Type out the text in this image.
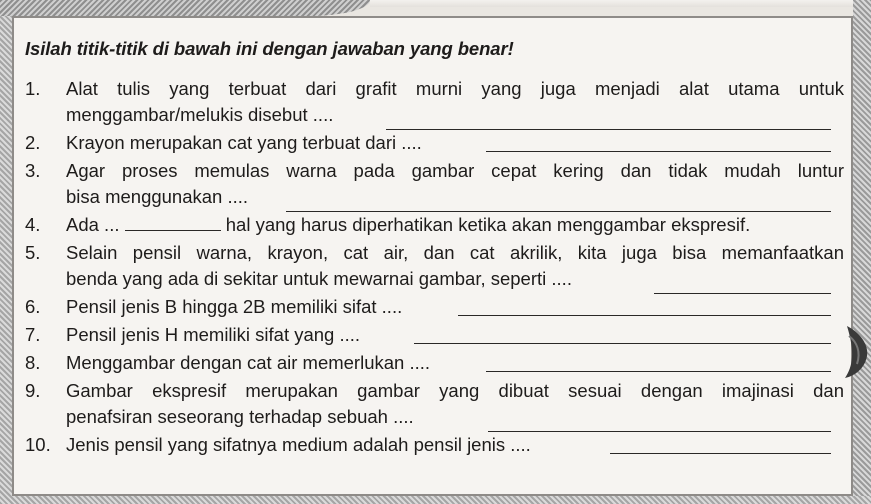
Isilah titik-titik di bawah ini dengan jawaban yang benar!
1. Alat tulis yang terbuat dari grafit murni yang juga menjadi alat utama untuk
menggambar/melukis disebut ....
2. Krayon merupakan cat yang terbuat dari ....
3. Agar proses memulas warna pada gambar cepat kering dan tidak mudah luntur
bisa menggunakan ....
4. Ada ...	hal yang harus diperhatikan ketika akan menggambar ekspresif.
5. Selain pensil warna, krayon, cat air, dan cat akrilik, kita juga bisa memanfaatkan
benda yang ada di sekitar untuk mewarnai gambar, seperti ....
6. Pensil jenis B hingga 2B memiliki sifat ....
7. Pensil jenis H memiliki sifat yang ....
8. Menggambar dengan cat air memerlukan ....
9. Gambar ekspresif merupakan gambar yang dibuat sesuai dengan imajinasi dan
penafsiran seseorang terhadap sebuah ....
10. Jenis pensil yang sifatnya medium adalah pensil jenis ....
